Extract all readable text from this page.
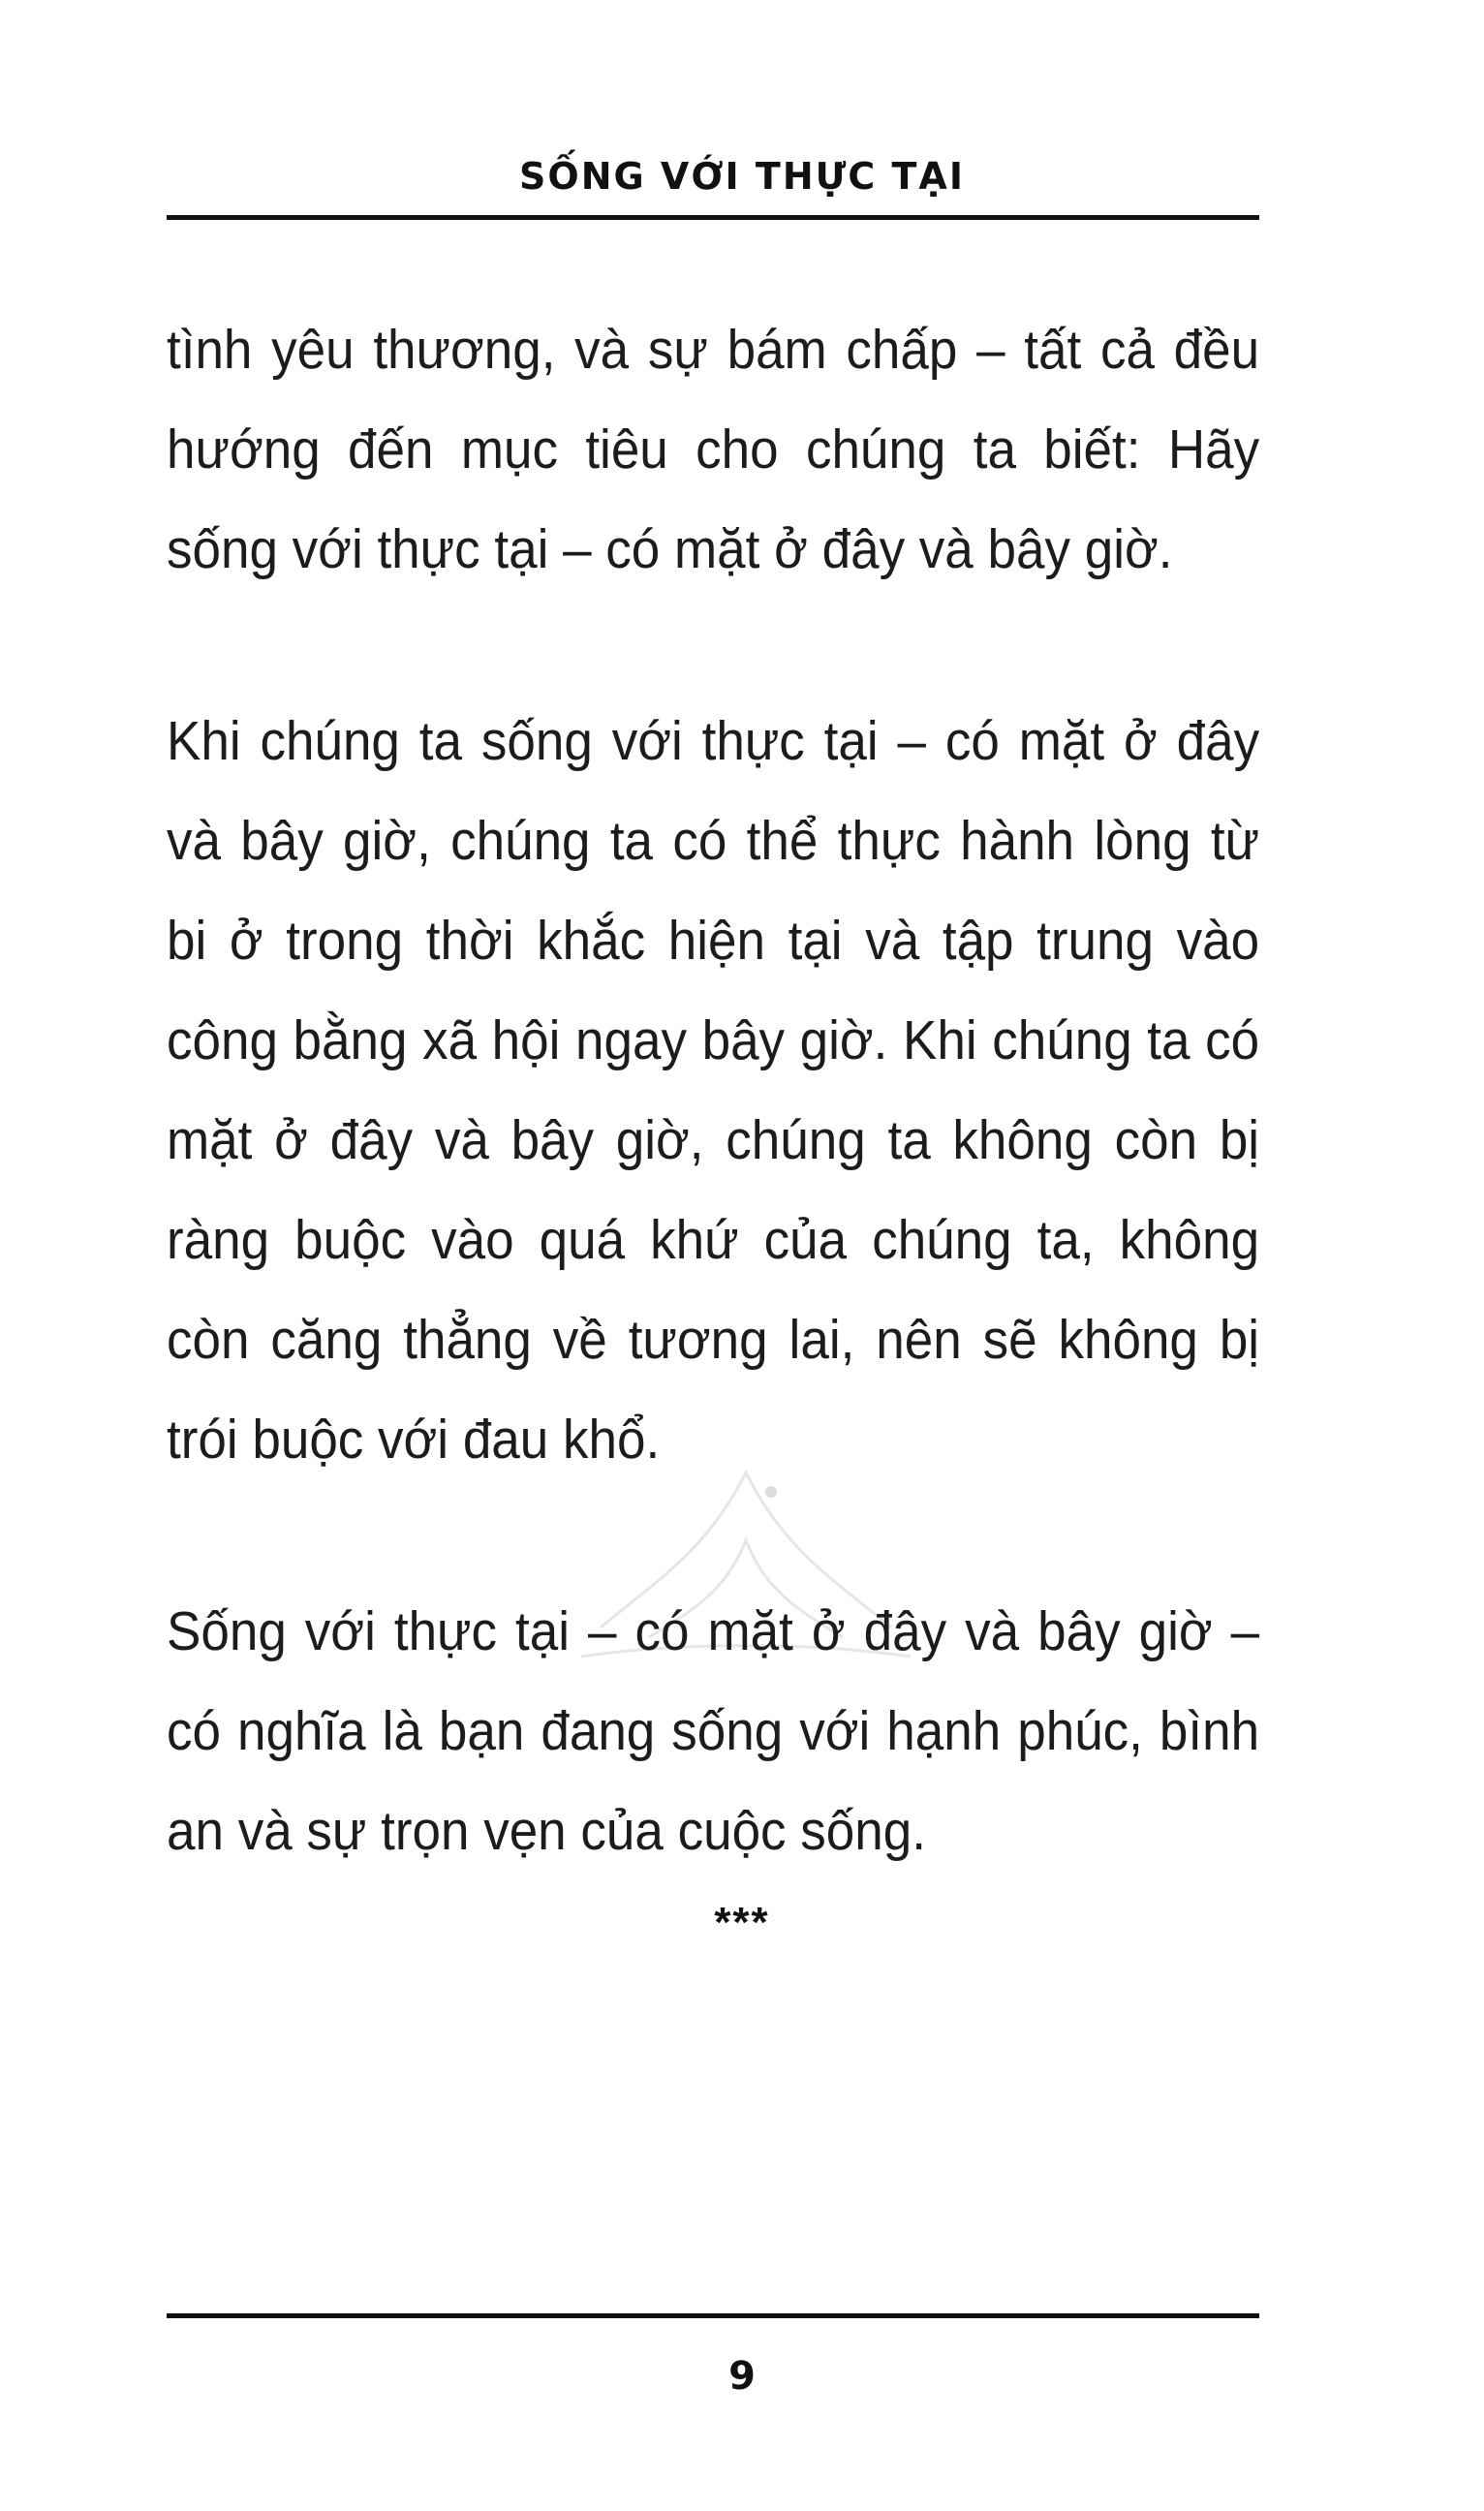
SỐNG VỚI THỰC TẠI

tình yêu thương, và sự bám chấp – tất cả đều hướng đến mục tiêu cho chúng ta biết: Hãy sống với thực tại – có mặt ở đây và bây giờ.

Khi chúng ta sống với thực tại – có mặt ở đây và bây giờ, chúng ta có thể thực hành lòng từ bi ở trong thời khắc hiện tại và tập trung vào công bằng xã hội ngay bây giờ. Khi chúng ta có mặt ở đây và bây giờ, chúng ta không còn bị ràng buộc vào quá khứ của chúng ta, không còn căng thẳng về tương lai, nên sẽ không bị trói buộc với đau khổ.

Sống với thực tại – có mặt ở đây và bây giờ – có nghĩa là bạn đang sống với hạnh phúc, bình an và sự trọn vẹn của cuộc sống.

***
9
